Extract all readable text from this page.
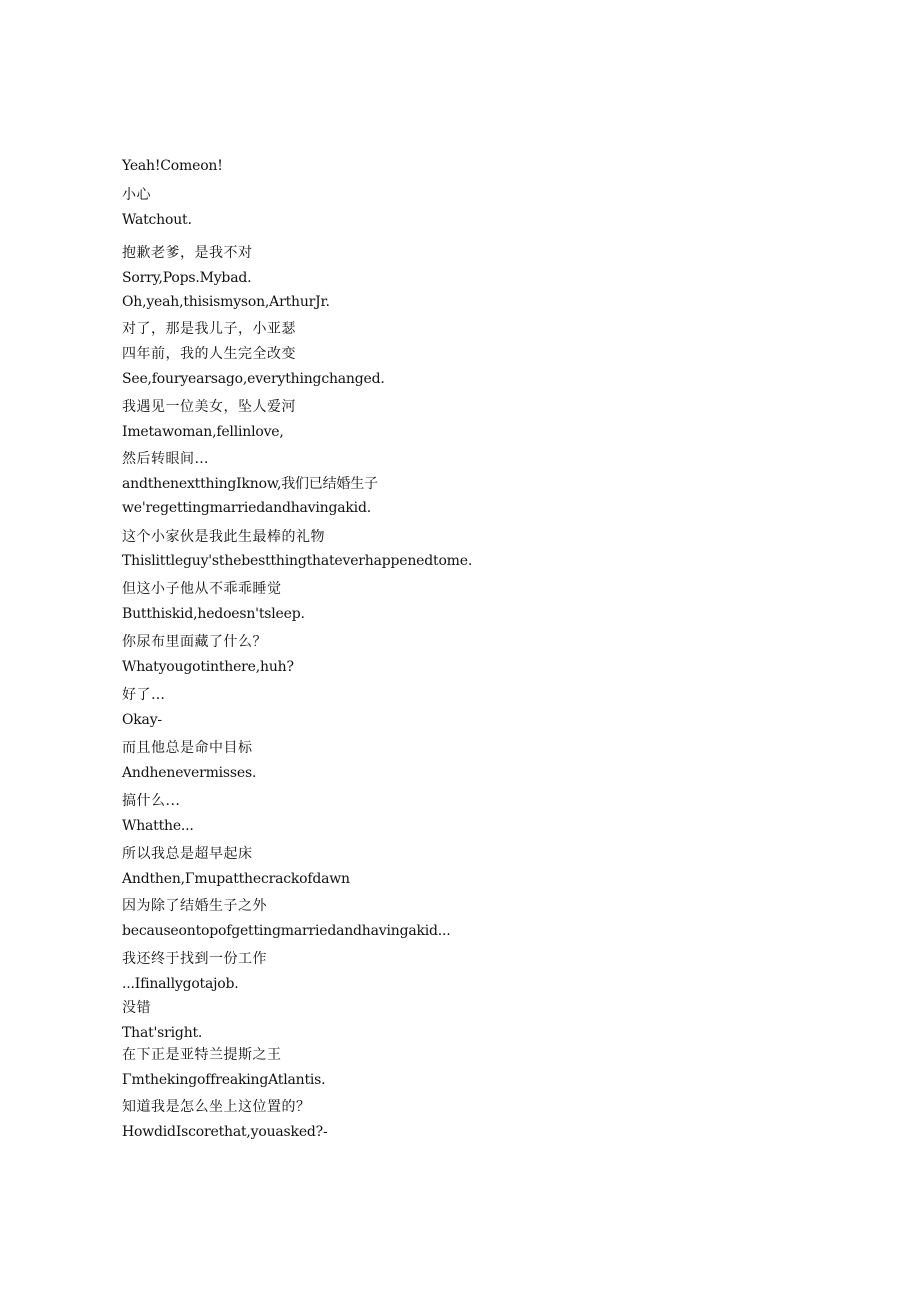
Yeah!Comeon!
小心
Watchout.
抱歉老爹，是我不对
Sorry,Pops.Mybad.
Oh,yeah,thisismyson,ArthurJr.
对了，那是我儿子，小亚瑟
四年前，我的人生完全改变
See,fouryearsago,everythingchanged.
我遇见一位美女，坠人爱河
Imetawoman,fellinlove,
然后转眼间…
andthenextthingIknow,我们已结婚生子
we'regettingmarriedandhavingakid.
这个小家伙是我此生最棒的礼物
Thislittleguy'sthebestthingthateverhappenedtome.
但这小子他从不乖乖睡觉
Butthiskid,hedoesn'tsleep.
你尿布里面藏了什么？
Whatyougotinthere,huh?
好了…
Okay-
而且他总是命中目标
Andhenevermisses.
搞什么...
Whatthe...
所以我总是超早起床
Andthen,Γmupatthecrackofdawn
因为除了结婚生子之外
becauseontopofgettingmarriedandhavingakid...
我还终于找到一份工作
...Ifinallygotajob.
没错
That'sright.
在下正是亚特兰提斯之王
ΓmthekingoffreakingAtlantis.
知道我是怎么坐上这位置的？
HowdidIscorethat,youasked?-
